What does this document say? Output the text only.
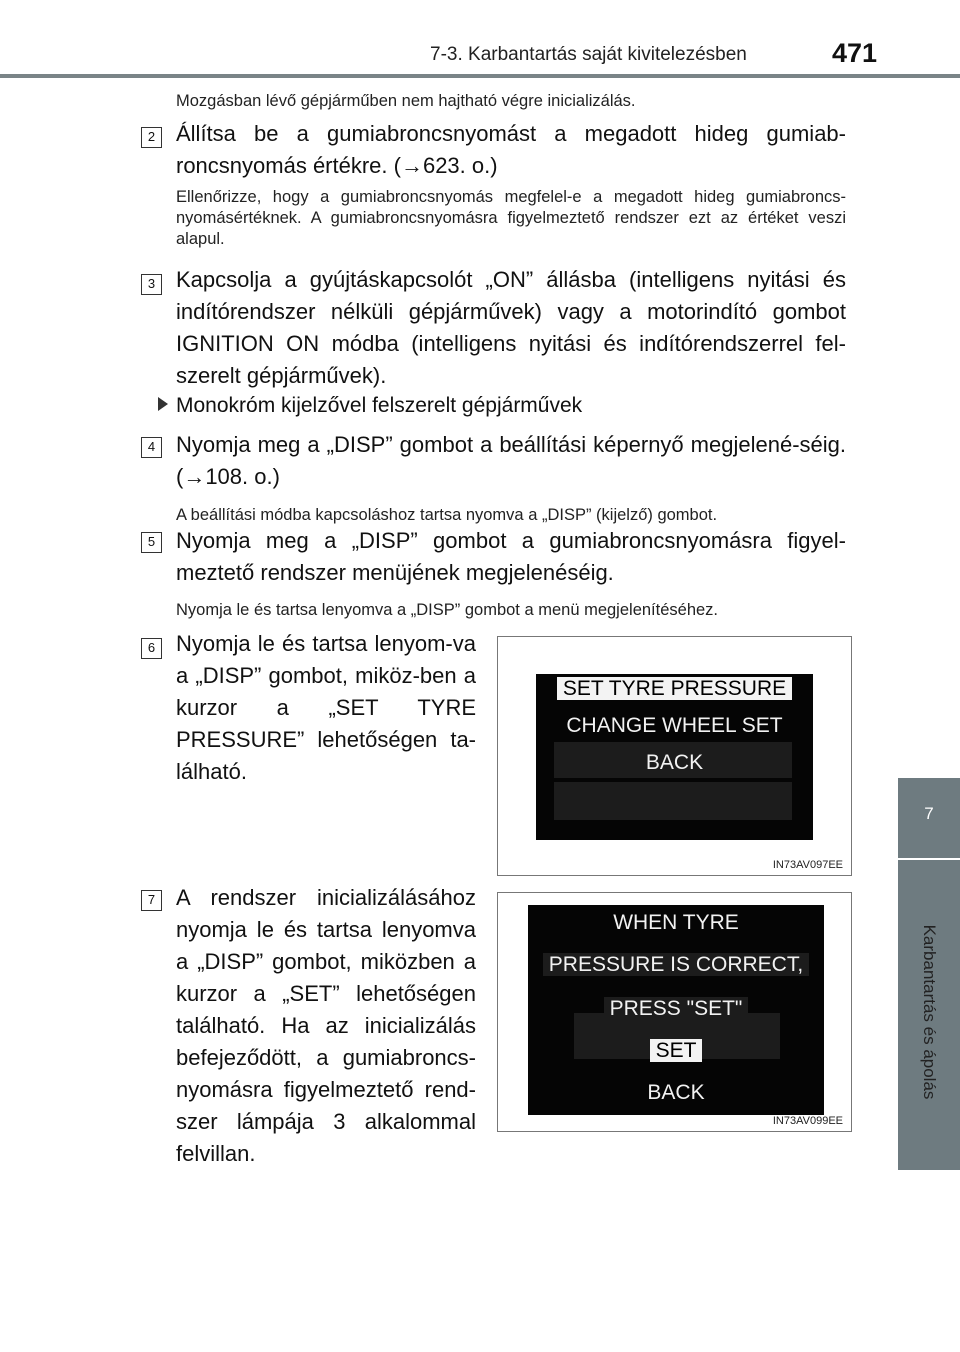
7-3. Karbantartás saját kivitelezésben	471
7
Karbantartás és ápolás
Mozgásban lévő gépjárműben nem hajtható végre inicializálás.
2 Állítsa be a gumiabroncsnyomást a megadott hideg gumiab-roncsnyomás értékre. (→623. o.)
Ellenőrizze, hogy a gumiabroncsnyomás megfelel-e a megadott hideg gumiabroncs-nyomásértéknek. A gumiabroncsnyomásra figyelmeztető rendszer ezt az értéket veszi alapul.
3 Kapcsolja a gyújtáskapcsolót „ON” állásba (intelligens nyitási és indítórendszer nélküli gépjárművek) vagy a motorindító gombot IGNITION ON módba (intelligens nyitási és indítórendszerrel fel-szerelt gépjárművek).
Monokróm kijelzővel felszerelt gépjárművek
4 Nyomja meg a „DISP” gombot a beállítási képernyő megjelené-séig. (→108. o.)
A beállítási módba kapcsoláshoz tartsa nyomva a „DISP” (kijelző) gombot.
5 Nyomja meg a „DISP” gombot a gumiabroncsnyomásra figyel-meztető rendszer menüjének megjelenéséig.
Nyomja le és tartsa lenyomva a „DISP” gombot a menü megjelenítéséhez.
6 Nyomja le és tartsa lenyom-va a „DISP” gombot, miköz-ben a kurzor a „SET TYRE PRESSURE” lehetőségen ta-lálható.
SET TYRE PRESSURE
CHANGE WHEEL SET
BACK
IN73AV097EE
7 A rendszer inicializálásához nyomja le és tartsa lenyomva a „DISP” gombot, miközben a kurzor a „SET” lehetőségen található. Ha az inicializálás befejeződött, a gumiabroncs-nyomásra figyelmeztető rend-szer lámpája 3 alkalommal felvillan.
WHEN TYRE
PRESSURE IS CORRECT,
PRESS "SET"
SET
BACK
IN73AV099EE
